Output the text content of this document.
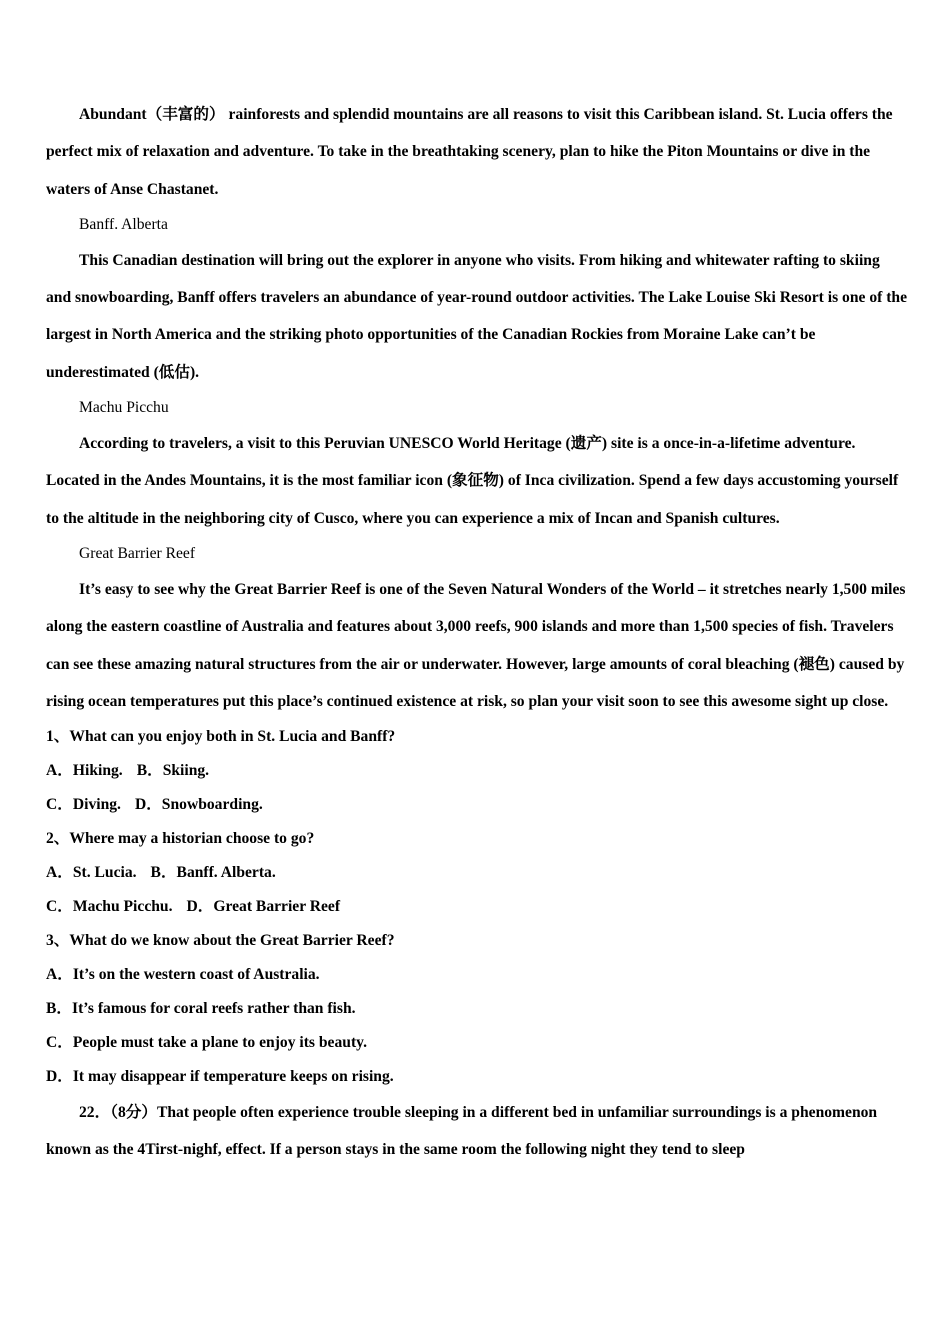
Abundant（丰富的） rainforests and splendid mountains are all reasons to visit this Caribbean island. St. Lucia offers the perfect mix of relaxation and adventure. To take in the breathtaking scenery, plan to hike the Piton Mountains or dive in the waters of Anse Chastanet.

Banff. Alberta

This Canadian destination will bring out the explorer in anyone who visits. From hiking and whitewater rafting to skiing and snowboarding, Banff offers travelers an abundance of year-round outdoor activities. The Lake Louise Ski Resort is one of the largest in North America and the striking photo opportunities of the Canadian Rockies from Moraine Lake can’t be underestimated (低估).

Machu Picchu

According to travelers, a visit to this Peruvian UNESCO World Heritage (遗产) site is a once-in-a-lifetime adventure. Located in the Andes Mountains, it is the most familiar icon (象征物) of Inca civilization. Spend a few days accustoming yourself to the altitude in the neighboring city of Cusco, where you can experience a mix of Incan and Spanish cultures.

Great Barrier Reef

It’s easy to see why the Great Barrier Reef is one of the Seven Natural Wonders of the World – it stretches nearly 1,500 miles along the eastern coastline of Australia and features about 3,000 reefs, 900 islands and more than 1,500 species of fish. Travelers can see these amazing natural structures from the air or underwater. However, large amounts of coral bleaching (褪色) caused by rising ocean temperatures put this place’s continued existence at risk, so plan your visit soon to see this awesome sight up close.

1、What can you enjoy both in St. Lucia and Banff?

A．Hiking. B．Skiing.

C．Diving. D．Snowboarding.

2、Where may a historian choose to go?

A．St. Lucia. B．Banff. Alberta.

C．Machu Picchu. D．Great Barrier Reef

3、What do we know about the Great Barrier Reef?

A．It’s on the western coast of Australia.

B．It’s famous for coral reefs rather than fish.

C．People must take a plane to enjoy its beauty.

D．It may disappear if temperature keeps on rising.

22．（8分）That people often experience trouble sleeping in a different bed in unfamiliar surroundings is a phenomenon known as the 4Tirst-nighf, effect. If a person stays in the same room the following night they tend to sleep
